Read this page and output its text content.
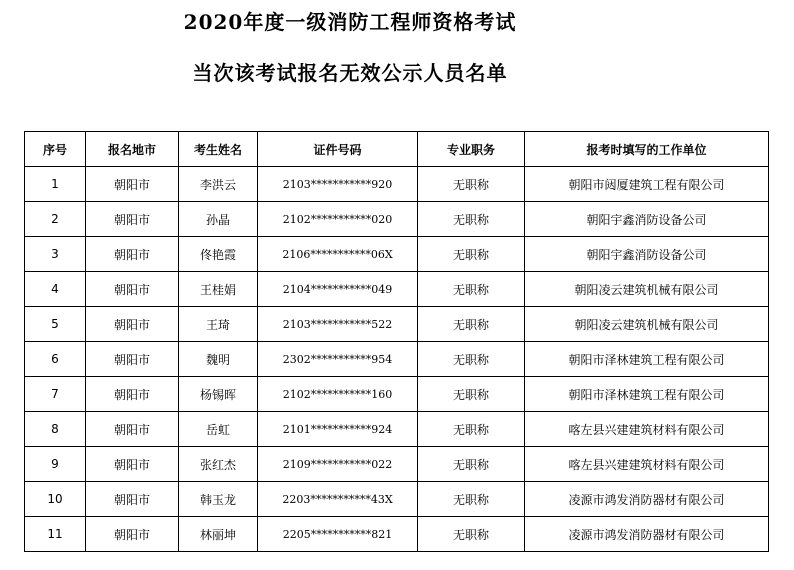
2020年度一级消防工程师资格考试
当次该考试报名无效公示人员名单
序号	报名地市	考生姓名	证件号码	专业职务	报考时填写的工作单位
1	朝阳市	李洪云	2103***********920	无职称	朝阳市闼厦建筑工程有限公司
2	朝阳市	孙晶	2102***********020	无职称	朝阳宇鑫消防设备公司
3	朝阳市	佟艳霞	2106***********06X	无职称	朝阳宇鑫消防设备公司
4	朝阳市	王桂娟	2104***********049	无职称	朝阳凌云建筑机械有限公司
5	朝阳市	王琦	2103***********522	无职称	朝阳凌云建筑机械有限公司
6	朝阳市	魏明	2302***********954	无职称	朝阳市泽林建筑工程有限公司
7	朝阳市	杨锡晖	2102***********160	无职称	朝阳市泽林建筑工程有限公司
8	朝阳市	岳虹	2101***********924	无职称	喀左县兴建建筑材料有限公司
9	朝阳市	张红杰	2109***********022	无职称	喀左县兴建建筑材料有限公司
10	朝阳市	韩玉龙	2203***********43X	无职称	凌源市鸿发消防器材有限公司
11	朝阳市	林丽坤	2205***********821	无职称	凌源市鸿发消防器材有限公司
